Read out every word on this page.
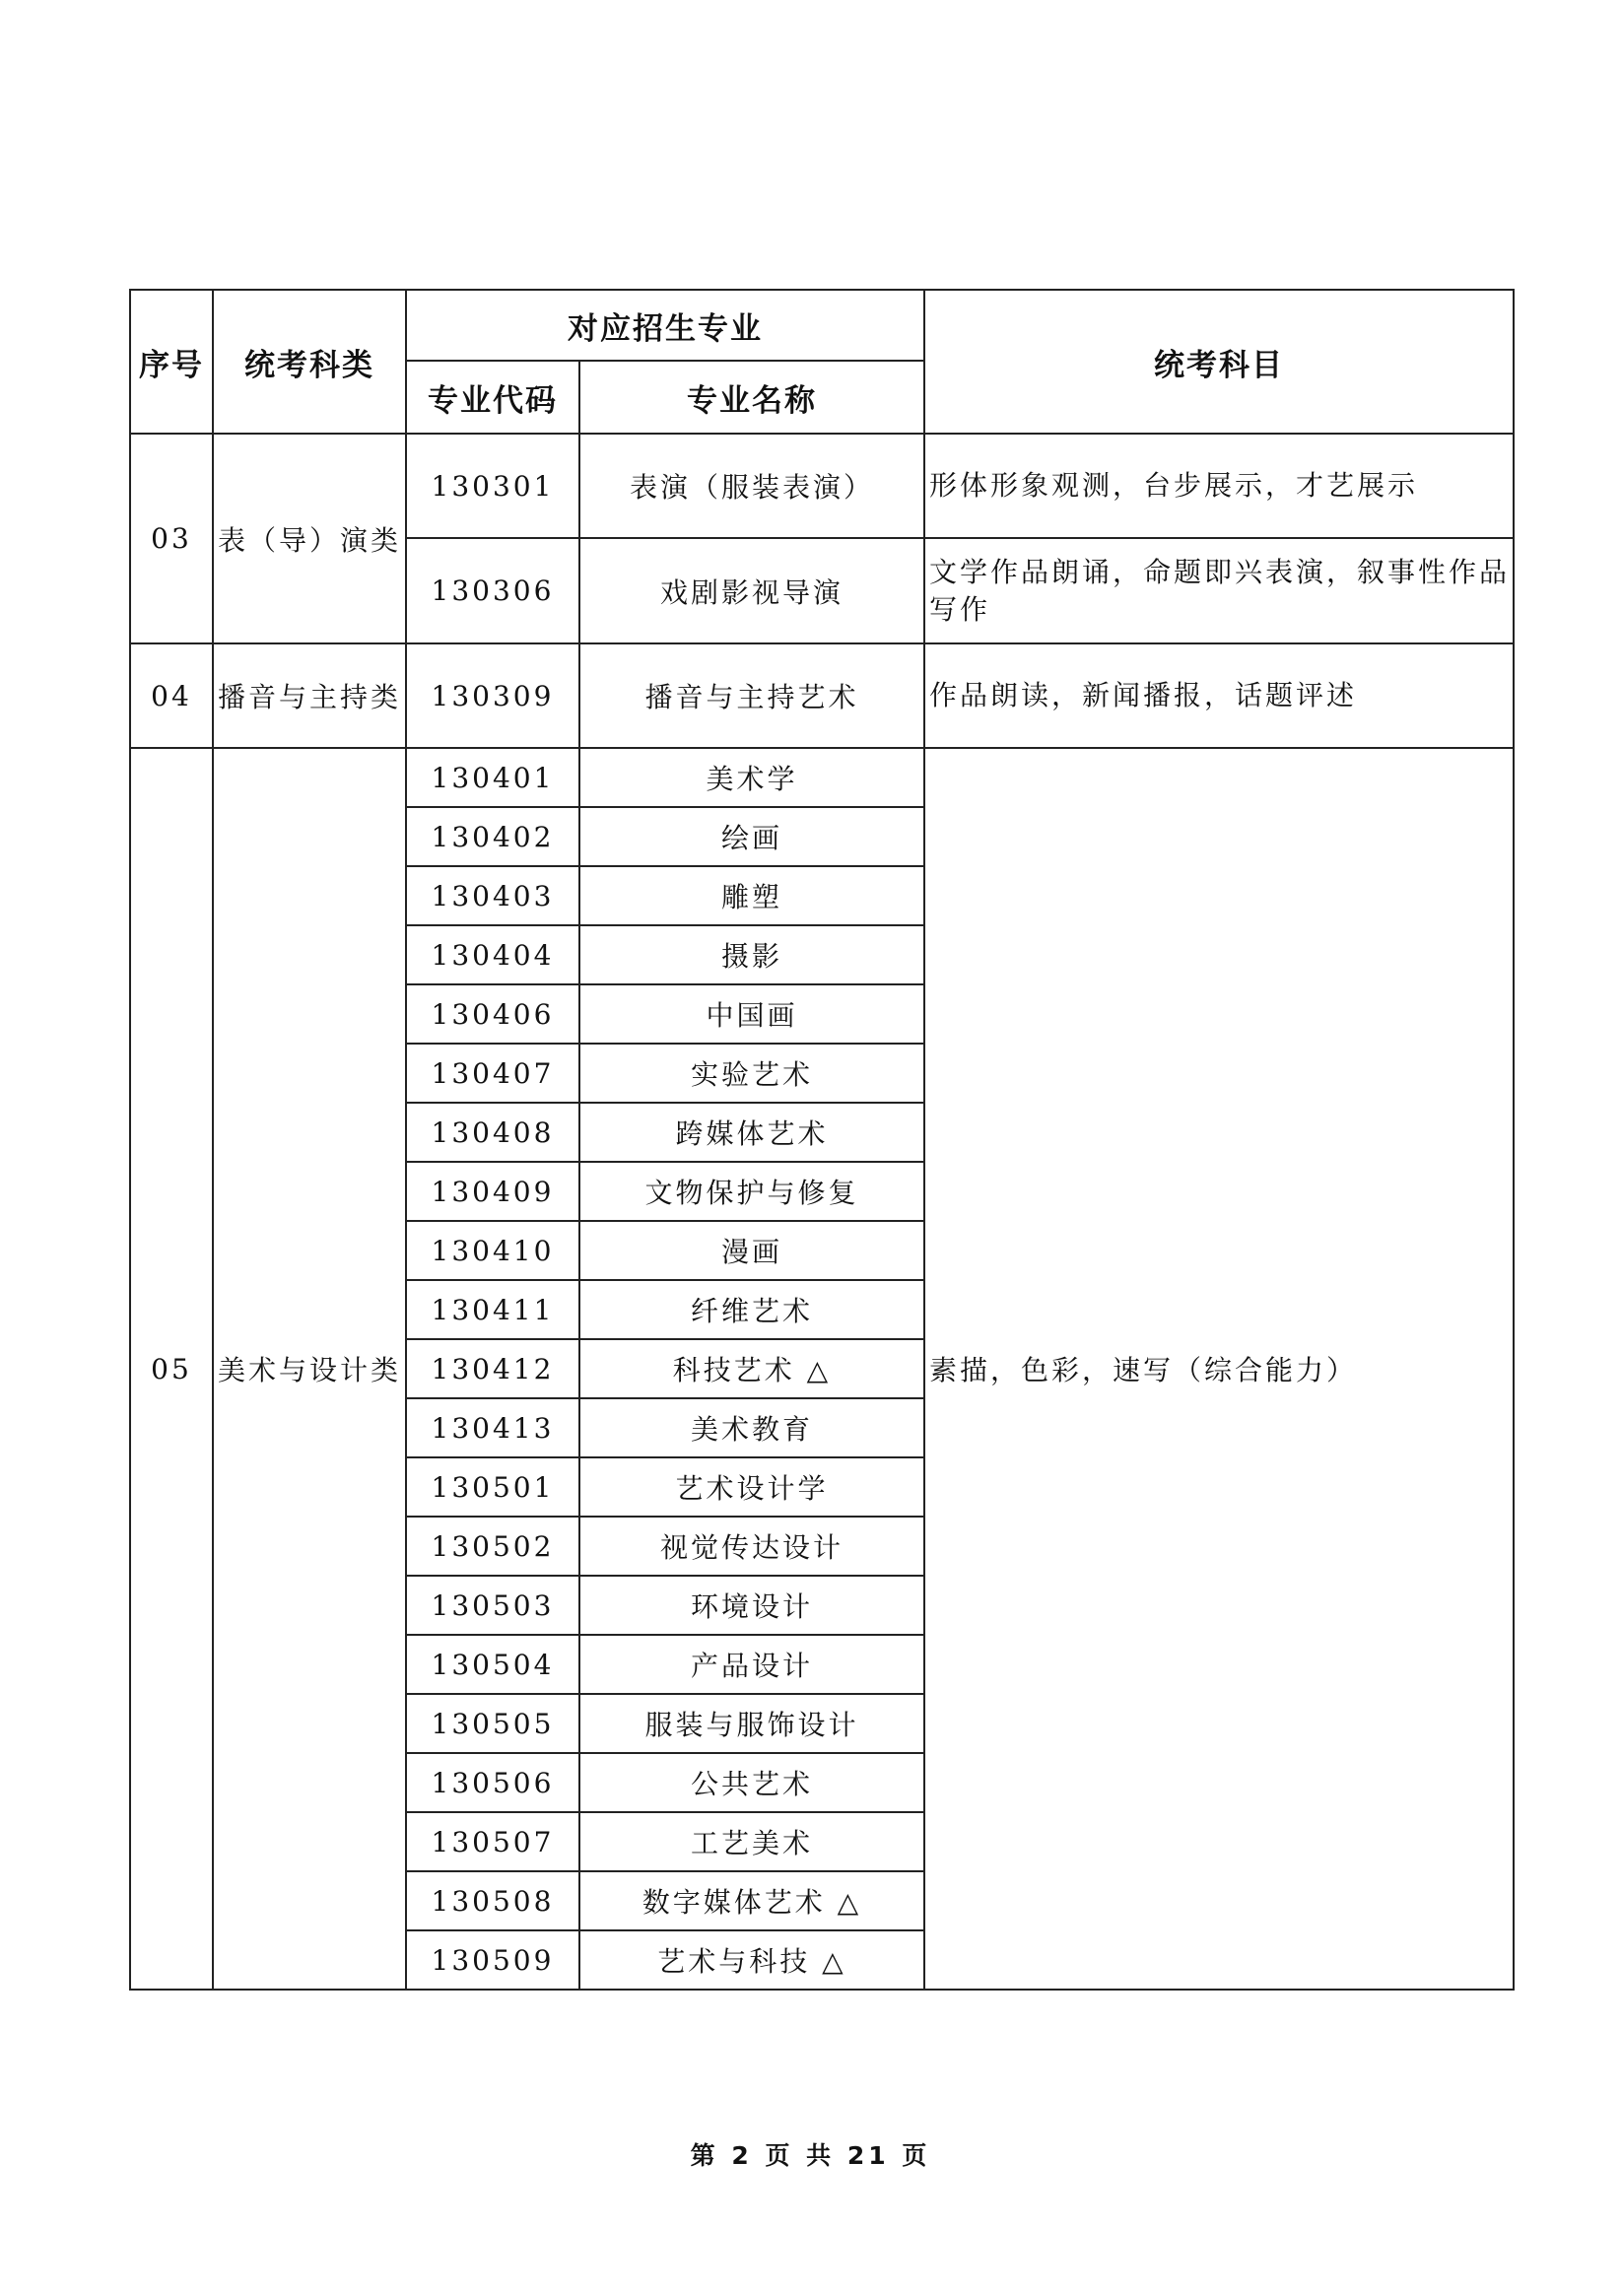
序号	统考科类	对应招生专业		统考科目
		专业代码	专业名称	
03	表（导）演类	130301	表演（服装表演）	形体形象观测，台步展示，才艺展示
		130306	戏剧影视导演	文学作品朗诵，命题即兴表演，叙事性作品写作
04	播音与主持类	130309	播音与主持艺术	作品朗读，新闻播报，话题评述
05	美术与设计类	130401	美术学	素描，色彩，速写（综合能力）
		130402	绘画	
		130403	雕塑	
		130404	摄影	
		130406	中国画	
		130407	实验艺术	
		130408	跨媒体艺术	
		130409	文物保护与修复	
		130410	漫画	
		130411	纤维艺术	
		130412	科技艺术 △	
		130413	美术教育	
		130501	艺术设计学	
		130502	视觉传达设计	
		130503	环境设计	
		130504	产品设计	
		130505	服装与服饰设计	
		130506	公共艺术	
		130507	工艺美术	
		130508	数字媒体艺术 △	
		130509	艺术与科技 △	
第 2 页 共 21 页
